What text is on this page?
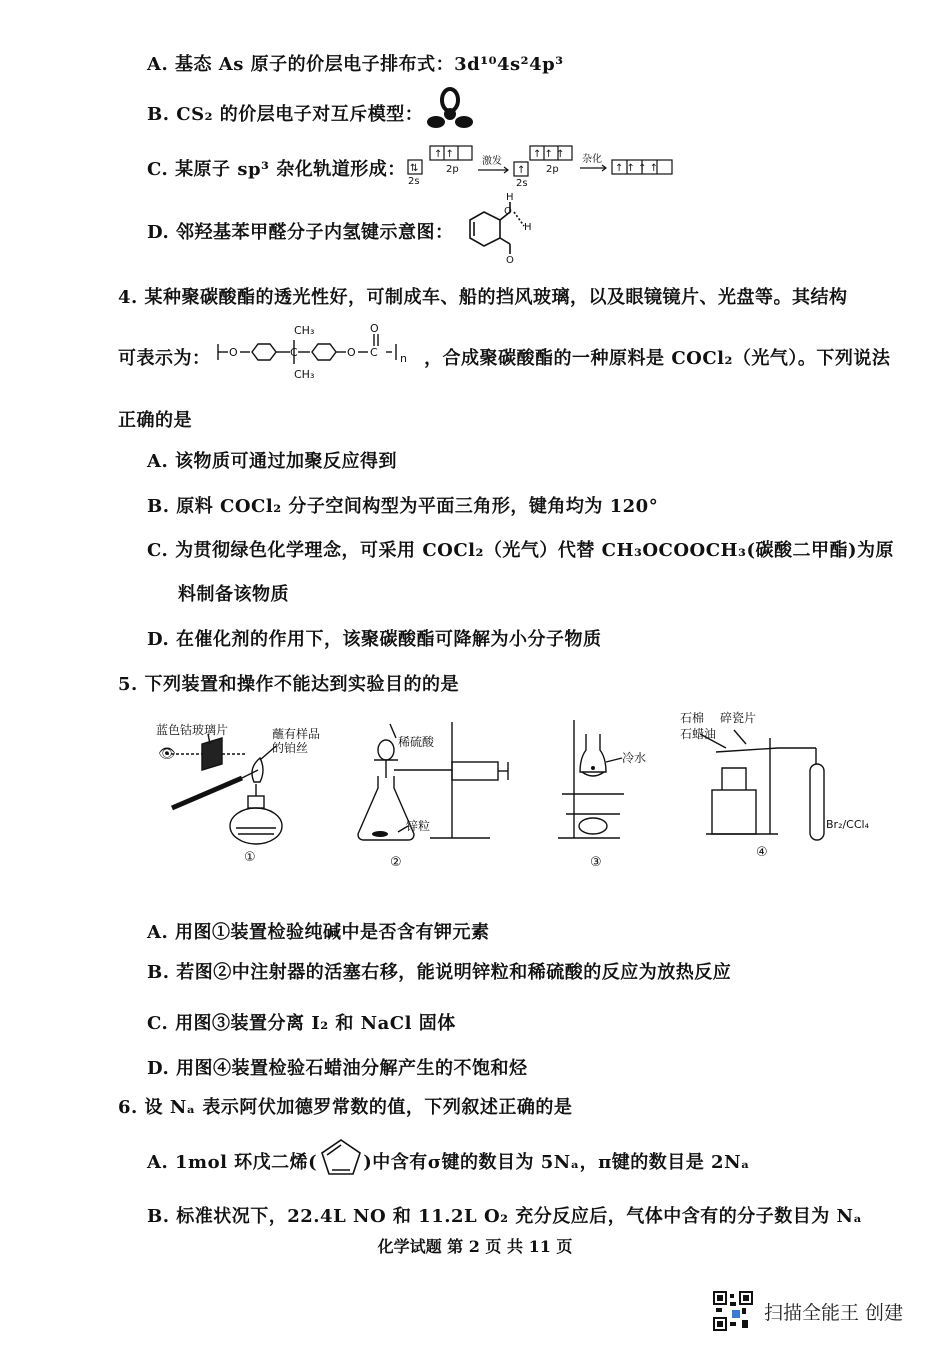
A. 基态 As 原子的价层电子排布式：3d¹⁰4s²4p³
B. CS₂ 的价层电子对互斥模型：
C. 某原子 sp³ 杂化轨道形成： ⇅
↑ ↑
↑
↑ ↑ ↑
↑ ↑ ↑ ↑
2s
2p
2s
2p
激发	杂化
D. 邻羟基苯甲醛分子内氢键示意图：
H
O
H
O
4. 某种聚碳酸酯的透光性好，可制成车、船的挡风玻璃，以及眼镜镜片、光盘等。其结构
可表示为：	，合成聚碳酸酯的一种原料是 COCl₂（光气）。下列说法
O	C	O C
O
n
CH₃
CH₃
正确的是
A. 该物质可通过加聚反应得到
B. 原料 COCl₂ 分子空间构型为平面三角形，键角均为 120°
C. 为贯彻绿色化学理念，可采用 COCl₂（光气）代替 CH₃OCOOCH₃(碳酸二甲酯)为原
料制备该物质
D. 在催化剂的作用下，该聚碳酸酯可降解为小分子物质
5. 下列装置和操作不能达到实验目的的是
👁
①
蓝色钴玻璃片	蘸有样品
的铂丝
②
稀硫酸
锌粒
③
冷水
④
石棉 碎瓷片
石蜡油
Br₂/CCl₄
A. 用图①装置检验纯碱中是否含有钾元素
B. 若图②中注射器的活塞右移，能说明锌粒和稀硫酸的反应为放热反应
C. 用图③装置分离 I₂ 和 NaCl 固体
D. 用图④装置检验石蜡油分解产生的不饱和烃
6. 设 Nₐ 表示阿伏加德罗常数的值，下列叙述正确的是
A. 1mol 环戊二烯(	)中含有σ键的数目为 5Nₐ，π键的数目是 2Nₐ
B. 标准状况下，22.4L NO 和 11.2L O₂ 充分反应后，气体中含有的分子数目为 Nₐ
化学试题 第 2 页 共 11 页
扫描全能王 创建
